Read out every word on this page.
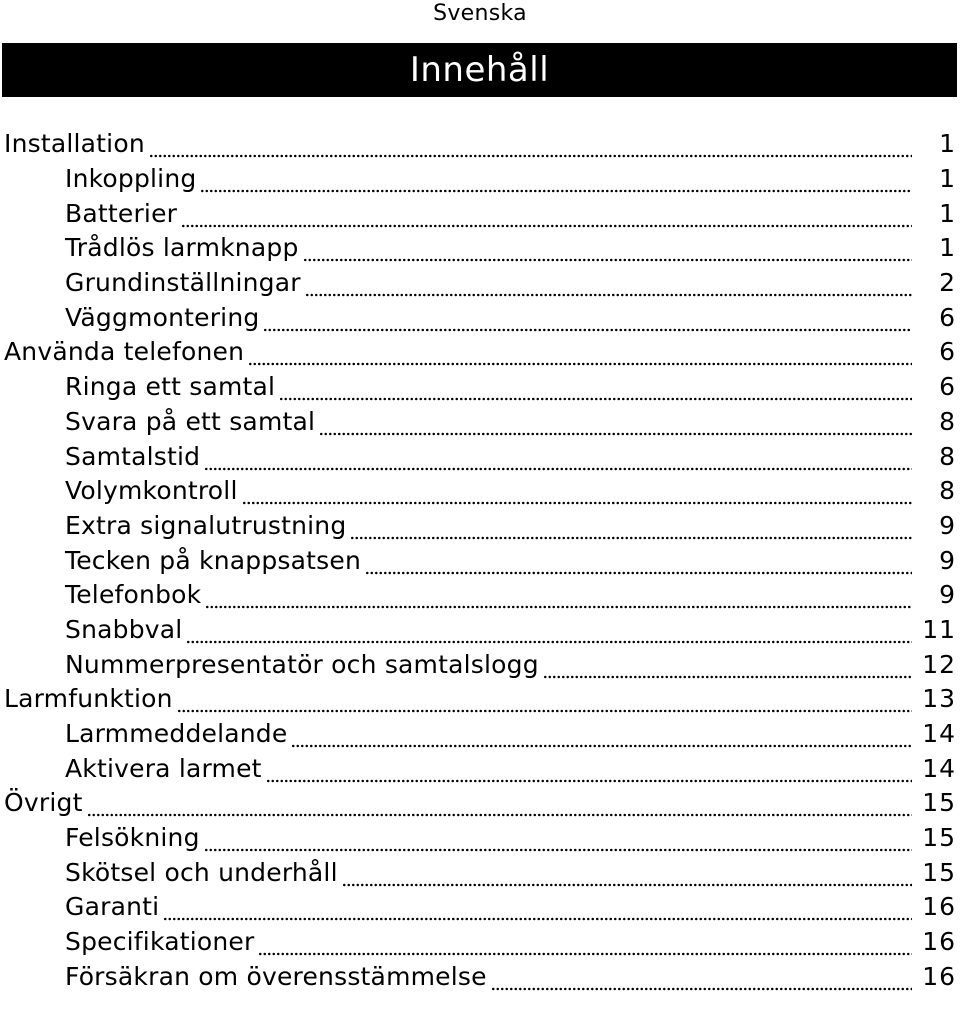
Svenska
Innehåll
Installation	1
Inkoppling	1
Batterier	1
Trådlös larmknapp	1
Grundinställningar	2
Väggmontering	6
Använda telefonen	6
Ringa ett samtal	6
Svara på ett samtal	8
Samtalstid	8
Volymkontroll	8
Extra signalutrustning	9
Tecken på knappsatsen	9
Telefonbok	9
Snabbval	11
Nummerpresentatör och samtalslogg	12
Larmfunktion	13
Larmmeddelande	14
Aktivera larmet	14
Övrigt	15
Felsökning	15
Skötsel och underhåll	15
Garanti	16
Specifikationer	16
Försäkran om överensstämmelse	16
